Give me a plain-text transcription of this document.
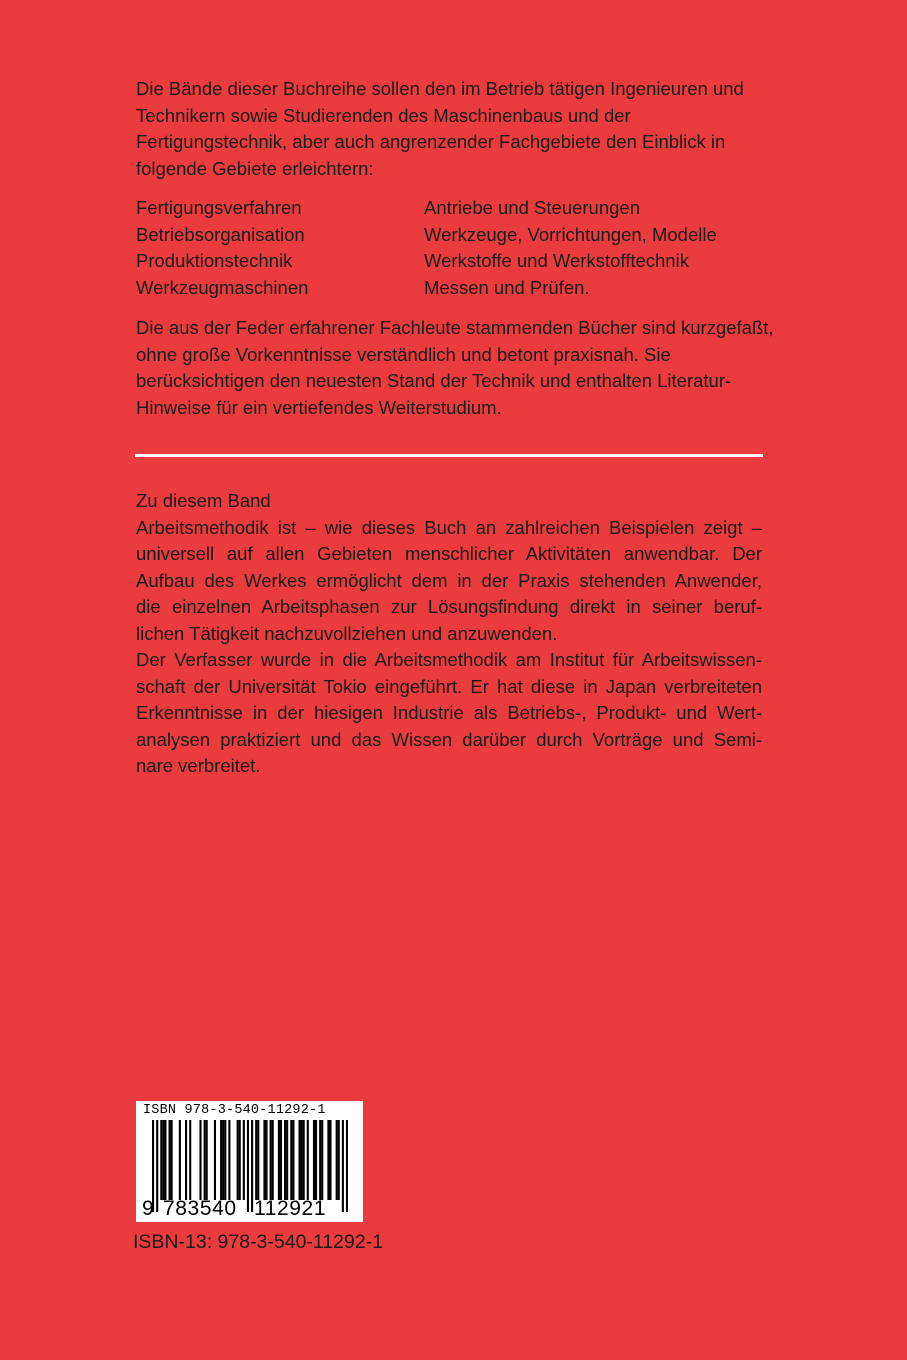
Die Bände dieser Buchreihe sollen den im Betrieb tätigen Ingenieuren und Technikern sowie Studierenden des Maschinenbaus und der Fertigungstechnik, aber auch angrenzender Fachgebiete den Einblick in folgende Gebiete erleichtern:

Fertigungsverfahren
Betriebsorganisation
Produktionstechnik
Werkzeugmaschinen
Antriebe und Steuerungen
Werkzeuge, Vorrichtungen, Modelle
Werkstoffe und Werkstofftechnik
Messen und Prüfen.

Die aus der Feder erfahrener Fachleute stammenden Bücher sind kurzgefaßt, ohne große Vorkenntnisse verständlich und betont praxisnah. Sie berücksichtigen den neuesten Stand der Technik und enthalten Literatur-Hinweise für ein vertiefendes Weiterstudium.

Zu diesem Band

Arbeitsmethodik ist – wie dieses Buch an zahlreichen Beispielen zeigt –
universell auf allen Gebieten menschlicher Aktivitäten anwendbar. Der
Aufbau des Werkes ermöglicht dem in der Praxis stehenden Anwender,
die einzelnen Arbeitsphasen zur Lösungsfindung direkt in seiner beruf-
lichen Tätigkeit nachzuvollziehen und anzuwenden.
Der Verfasser wurde in die Arbeitsmethodik am Institut für Arbeitswissen-
schaft der Universität Tokio eingeführt. Er hat diese in Japan verbreiteten
Erkenntnisse in der hiesigen Industrie als Betriebs-, Produkt- und Wert-
analysen praktiziert und das Wissen darüber durch Vorträge und Semi-
nare verbreitet.

ISBN 978-3-540-11292-1
9 783540 112921

ISBN-13: 978-3-540-11292-1
